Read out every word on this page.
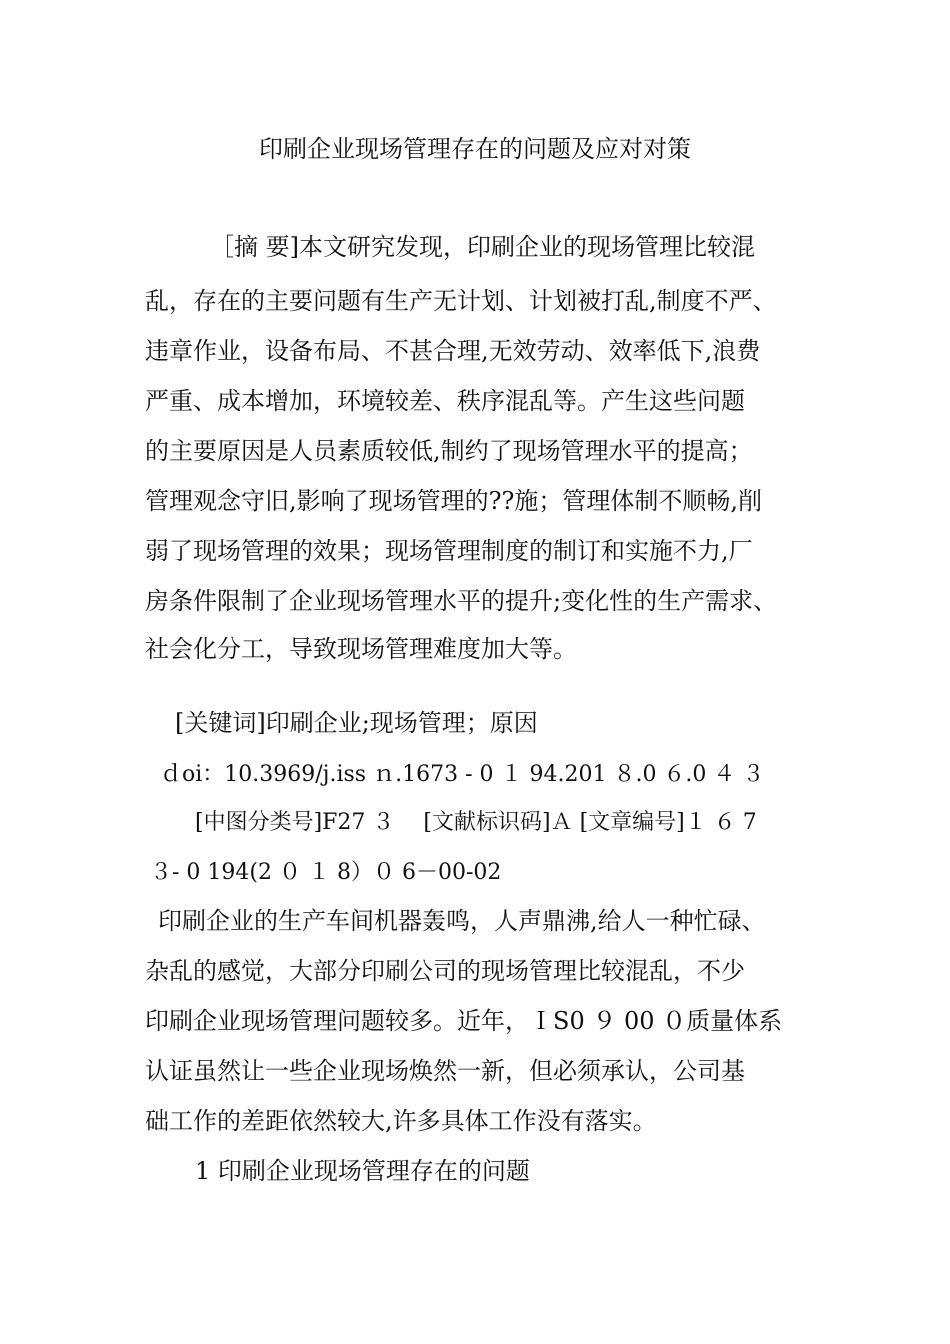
印刷企业现场管理存在的问题及应对对策
［摘 要]本文研究发现，印刷企业的现场管理比较混
乱，存在的主要问题有生产无计划、计划被打乱,制度不严、
违章作业，设备布局、不甚合理,无效劳动、效率低下,浪费
严重、成本增加，环境较差、秩序混乱等。产生这些问题
的主要原因是人员素质较低,制约了现场管理水平的提高；
管理观念守旧,影响了现场管理的??施；管理体制不顺畅,削
弱了现场管理的效果；现场管理制度的制订和实施不力,厂
房条件限制了企业现场管理水平的提升;变化性的生产需求、
社会化分工，导致现场管理难度加大等。
[关键词]印刷企业;现场管理；原因
ｄoi：10.3969/j.iss ｎ.1673 - 0 １ 94.201 ８.0 ６.0 ４ ３
[中图分类号]F27 ３　 [文献标识码]Ａ [文章编号]１ ６ 7
３- 0 194(2 ０ １ 8）０ 6－00-02
印刷企业的生产车间机器轰鸣，人声鼎沸,给人一种忙碌、
杂乱的感觉，大部分印刷公司的现场管理比较混乱，不少
印刷企业现场管理问题较多。近年，ＩS0 ９ 00 ０质量体系
认证虽然让一些企业现场焕然一新，但必须承认，公司基
础工作的差距依然较大,许多具体工作没有落实。
1 印刷企业现场管理存在的问题
